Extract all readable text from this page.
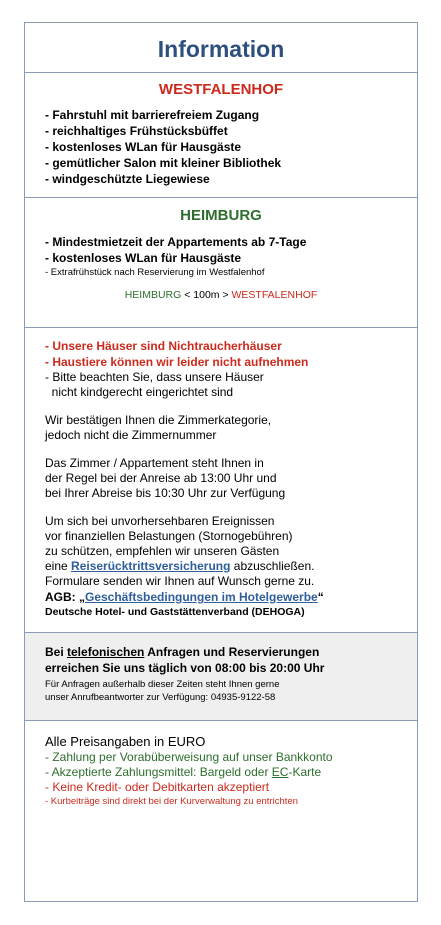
Information
WESTFALENHOF
- Fahrstuhl mit barrierefreiem Zugang
- reichhaltiges Frühstücksbüffet
- kostenloses WLan für Hausgäste
- gemütlicher Salon mit kleiner Bibliothek
- windgeschützte Liegewiese
HEIMBURG
- Mindestmietzeit der Appartements ab 7-Tage
- kostenloses WLan für Hausgäste
- Extrafrühstück nach Reservierung im Westfalenhof
HEIMBURG < 100m > WESTFALENHOF
- Unsere Häuser sind Nichtraucherhäuser
- Haustiere können wir leider nicht aufnehmen
- Bitte beachten Sie, dass unsere Häuser
nicht kindgerecht eingerichtet sind
Wir bestätigen Ihnen die Zimmerkategorie,
jedoch nicht die Zimmernummer
Das Zimmer / Appartement steht Ihnen in
der Regel bei der Anreise ab 13:00 Uhr und
bei Ihrer Abreise bis 10:30 Uhr zur Verfügung
Um sich bei unvorhersehbaren Ereignissen
vor finanziellen Belastungen (Stornogebühren)
zu schützen, empfehlen wir unseren Gästen
eine Reiserücktrittsversicherung abzuschließen.
Formulare senden wir Ihnen auf Wunsch gerne zu.
AGB: „Geschäftsbedingungen im Hotelgewerbe“
Deutsche Hotel- und Gaststättenverband (DEHOGA)
Bei telefonischen Anfragen und Reservierungen
erreichen Sie uns täglich von 08:00 bis 20:00 Uhr
Für Anfragen außerhalb dieser Zeiten steht Ihnen gerne
unser Anrufbeantworter zur Verfügung: 04935-9122-58
Alle Preisangaben in EURO
- Zahlung per Vorabüberweisung auf unser Bankkonto
- Akzeptierte Zahlungsmittel: Bargeld oder EC-Karte
- Keine Kredit- oder Debitkarten akzeptiert
- Kurbeiträge sind direkt bei der Kurverwaltung zu entrichten
